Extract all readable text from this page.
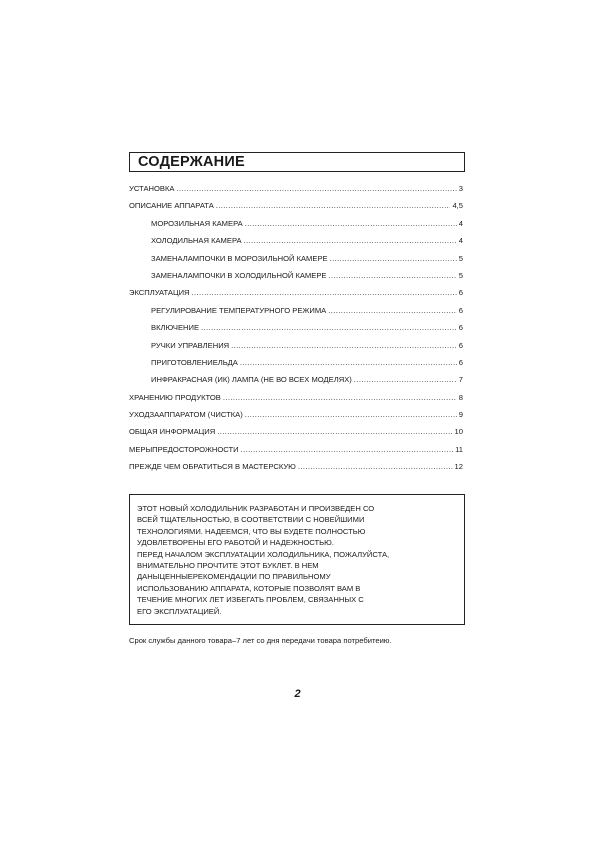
СОДЕРЖАНИЕ
УСТАНОВКА .....	3
ОПИСАНИЕ АППАРАТА .....	4,5
МОРОЗИЛЬНАЯ КАМЕРА .....	4
ХОЛОДИЛЬНАЯ КАМЕРА .....	4
ЗАМЕНАЛАМПОЧКИ В МОРОЗИЛЬНОЙ КАМЕРЕ .....	5
ЗАМЕНАЛАМПОЧКИ В ХОЛОДИЛЬНОЙ КАМЕРЕ .....	5
ЭКСПЛУАТАЦИЯ .....	6
РЕГУЛИРОВАНИЕ ТЕМПЕРАТУРНОГО РЕЖИМА .....	6
ВКЛЮЧЕНИЕ .....	6
РУЧКИ УПРАВЛЕНИЯ .....	6
ПРИГОТОВЛЕНИЕЛЬДА .....	6
ИНФРАКРАСНАЯ (ИК) ЛАМПА (НЕ ВО ВСЕХ МОДЕЛЯХ) .....	7
ХРАНЕНИЮ ПРОДУКТОВ .....	8
УХОДЗААППАРАТОМ (ЧИСТКА) .....	9
ОБЩАЯ ИНФОРМАЦИЯ .....	10
МЕРЫПРЕДОСТОРОЖНОСТИ .....	11
ПРЕЖДЕ ЧЕМ ОБРАТИТЬСЯ В МАСТЕРСКУЮ .....	12
ЭТОТ НОВЫЙ ХОЛОДИЛЬНИК РАЗРАБОТАН И ПРОИЗВЕДЕН СО
ВСЕЙ ТЩАТЕЛЬНОСТЬЮ, В СООТВЕТСТВИИ С НОВЕЙШИМИ
ТЕХНОЛОГИЯМИ. НАДЕЕМСЯ, ЧТО ВЫ БУДЕТЕ ПОЛНОСТЬЮ
УДОВЛЕТВОРЕНЫ ЕГО РАБОТОЙ И НАДЕЖНОСТЬЮ.
ПЕРЕД НАЧАЛОМ ЭКСПЛУАТАЦИИ ХОЛОДИЛЬНИКА, ПОЖАЛУЙСТА,
ВНИМАТЕЛЬНО ПРОЧТИТЕ ЭТОТ БУКЛЕТ. В НЕМ
ДАНЫЦЕННЫЕРЕКОМЕНДАЦИИ ПО ПРАВИЛЬНОМУ
ИСПОЛЬЗОВАНИЮ АППАРАТА, КОТОРЫЕ ПОЗВОЛЯТ ВАМ В
ТЕЧЕНИЕ МНОГИХ ЛЕТ ИЗБЕГАТЬ ПРОБЛЕМ, СВЯЗАННЫХ С
ЕГО ЭКСПЛУАТАЦИЕЙ.
Срок службы данного товара–7 лет со дня передачи товара потребитеию.
2
